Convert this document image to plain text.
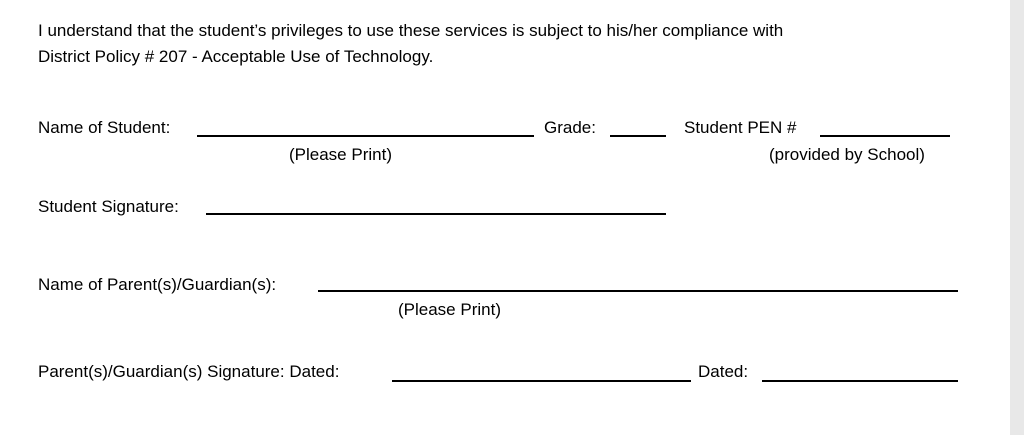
I understand that the student’s privileges to use these services is subject to his/her compliance with
District Policy # 207 - Acceptable Use of Technology.
Name of Student:
(Please Print)
Grade:	Student PEN #
(provided by School)
Student Signature:
Name of Parent(s)/Guardian(s):
(Please Print)
Parent(s)/Guardian(s) Signature: Dated:	Dated:
